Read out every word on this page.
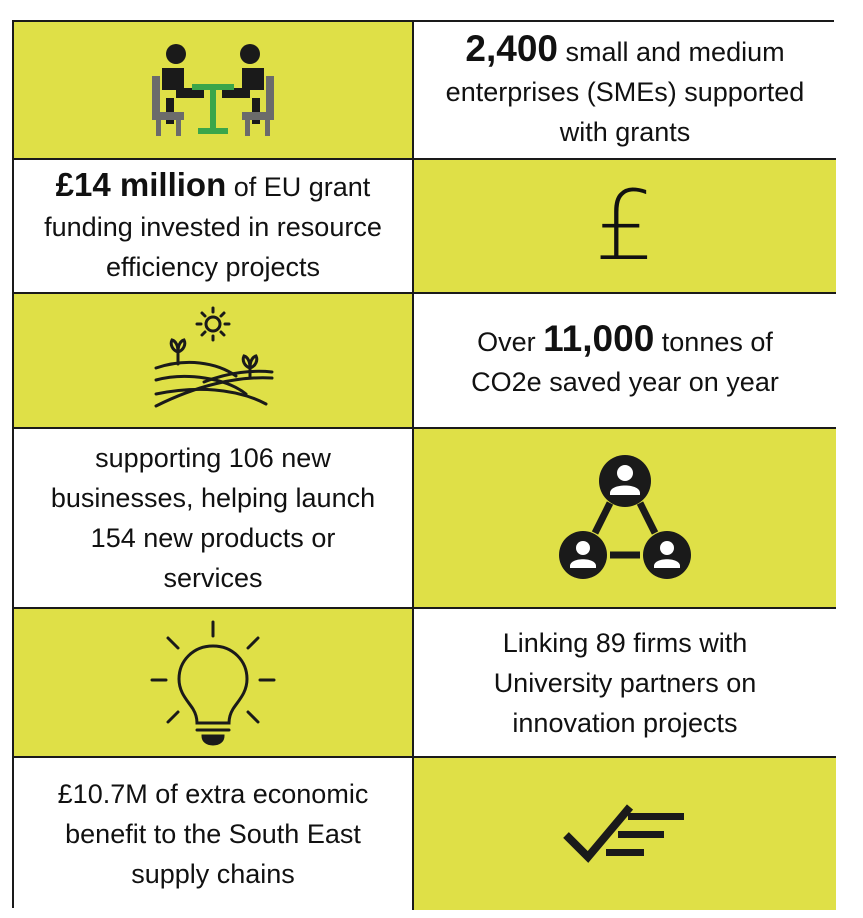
2,400 small and medium enterprises (SMEs) supported with grants
£14 million of EU grant funding invested in resource efficiency projects	£
Over 11,000 tonnes of CO2e saved year on year
supporting 106 new businesses, helping launch 154 new products or services
Linking 89 firms with University partners on innovation projects
£10.7M of extra economic benefit to the South East supply chains
